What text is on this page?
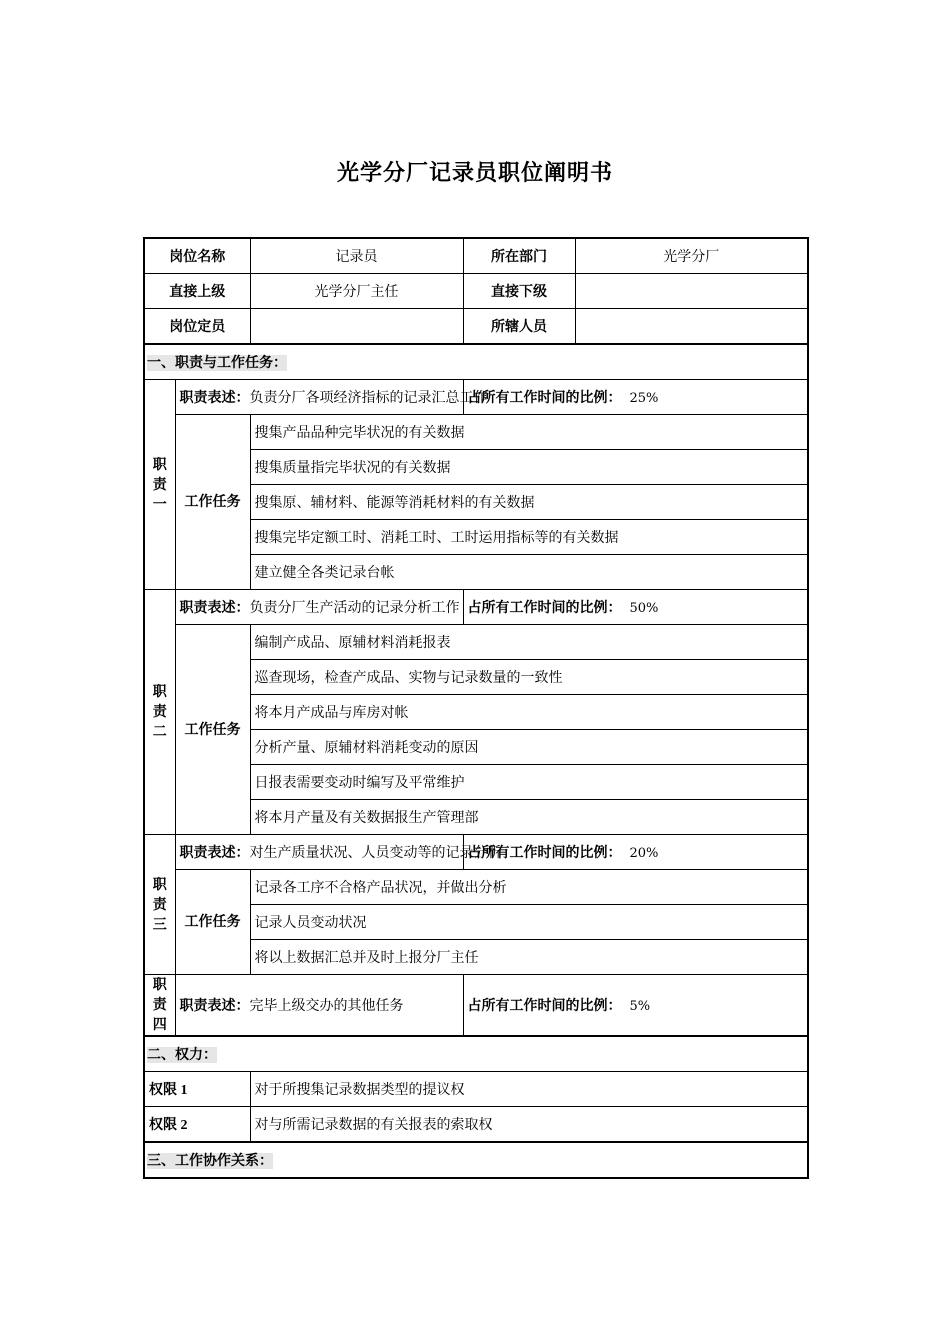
光学分厂记录员职位阐明书
岗位名称		记录员	所在部门	光学分厂
直接上级		光学分厂主任	直接下级	
岗位定员			所辖人员	
一、职责与工作任务：				
职责一	职责表述：负责分厂各项经济指标的记录汇总工作		占所有工作时间的比例： 25%	
	工作任务	搜集产品品种完毕状况的有关数据		
		搜集质量指完毕状况的有关数据		
		搜集原、辅材料、能源等消耗材料的有关数据		
		搜集完毕定额工时、消耗工时、工时运用指标等的有关数据		
		建立健全各类记录台帐		
职责二	职责表述：负责分厂生产活动的记录分析工作		占所有工作时间的比例： 50%	
	工作任务	编制产成品、原辅材料消耗报表		
		巡查现场，检查产成品、实物与记录数量的一致性		
		将本月产成品与库房对帐		
		分析产量、原辅材料消耗变动的原因		
		日报表需要变动时编写及平常维护		
		将本月产量及有关数据报生产管理部		
职责三	职责表述：对生产质量状况、人员变动等的记录分析		占所有工作时间的比例： 20%	
	工作任务	记录各工序不合格产品状况，并做出分析		
		记录人员变动状况		
		将以上数据汇总并及时上报分厂主任		
职责四	职责表述：完毕上级交办的其他任务		占所有工作时间的比例： 5%	
二、权力：				
权限 1		对于所搜集记录数据类型的提议权		
权限 2		对与所需记录数据的有关报表的索取权		
三、工作协作关系：				
